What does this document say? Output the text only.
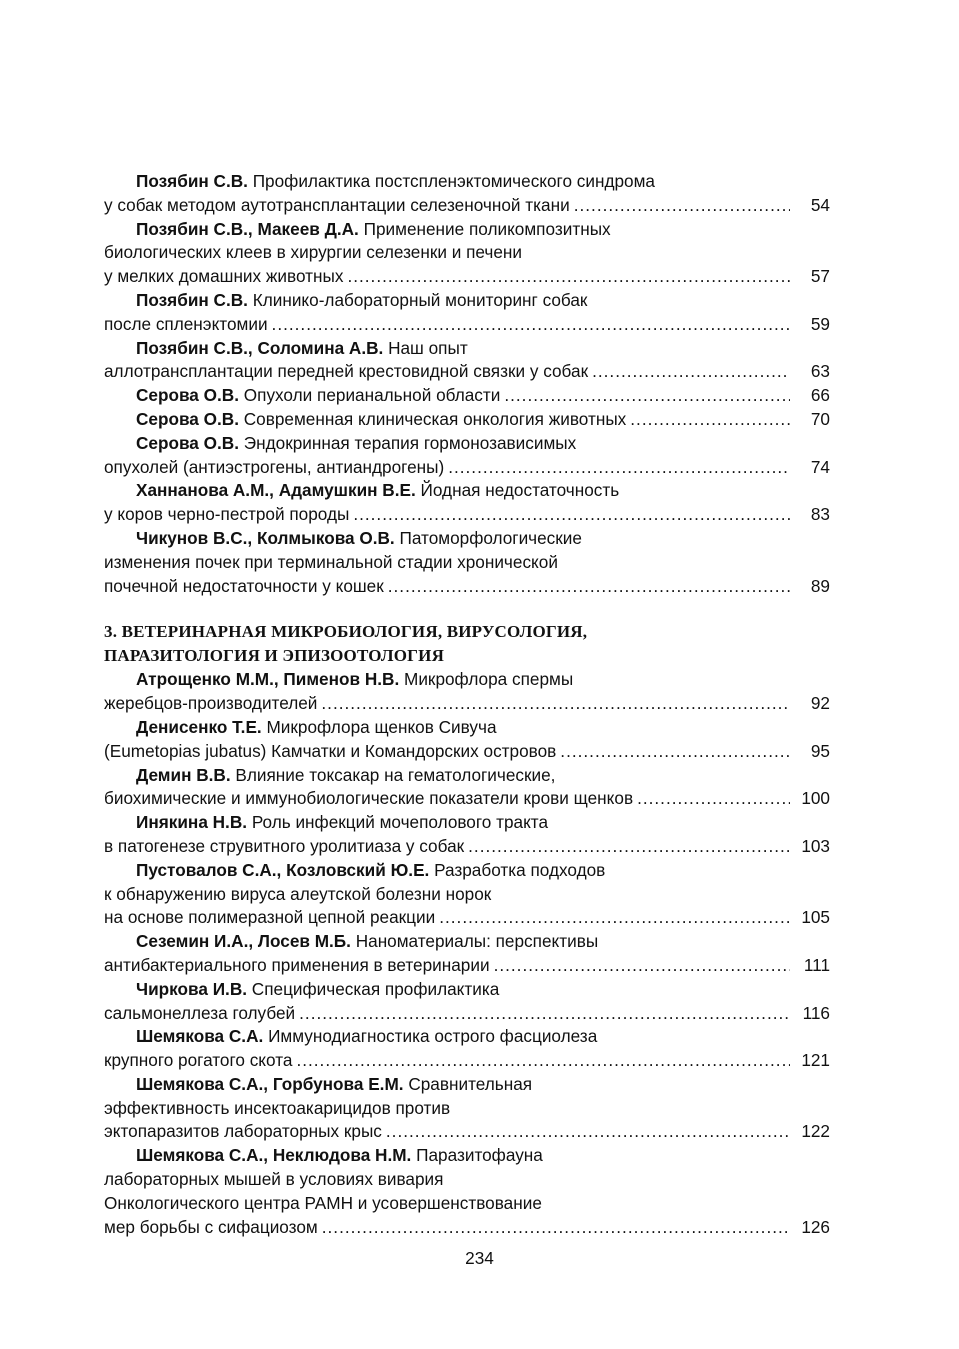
Позябин С.В. Профилактика постспленэктомического синдрома
у собак методом аутотрансплантации селезеночной ткани .....	54
Позябин С.В., Макеев Д.А. Применение поликомпозитных
биологических клеев в хирургии селезенки и печени
у мелких домашних животных .....	57
Позябин С.В. Клинико-лабораторный мониторинг собак
после спленэктомии .....	59
Позябин С.В., Соломина А.В. Наш опыт
аллотрансплантации передней крестовидной связки у собак .....	63
Серова О.В. Опухоли перианальной области .....	66
Серова О.В. Современная клиническая онкология животных .....	70
Серова О.В. Эндокринная терапия гормонозависимых
опухолей (антиэстрогены, антиандрогены) .....	74
Ханнанова А.М., Адамушкин В.Е. Йодная недостаточность
у коров черно-пестрой породы .....	83
Чикунов В.С., Колмыкова О.В. Патоморфологические
изменения почек при терминальной стадии хронической
почечной недостаточности у кошек .....	89
3. ВЕТЕРИНАРНАЯ МИКРОБИОЛОГИЯ, ВИРУСОЛОГИЯ,
ПАРАЗИТОЛОГИЯ И ЭПИЗООТОЛОГИЯ
Атрощенко М.М., Пименов Н.В. Микрофлора спермы
жеребцов-производителей .....	92
Денисенко Т.Е. Микрофлора щенков Сивуча
(Eumetopias jubatus) Камчатки и Командорских островов .....	95
Демин В.В. Влияние токсакар на гематологические,
биохимические и иммунобиологические показатели крови щенков .....	100
Инякина Н.В. Роль инфекций мочеполового тракта
в патогенезе струвитного уролитиаза у собак .....	103
Пустовалов С.А., Козловский Ю.Е. Разработка подходов
к обнаружению вируса алеутской болезни норок
на основе полимеразной цепной реакции .....	105
Сеземин И.А., Лосев М.Б. Наноматериалы: перспективы
антибактериального применения в ветеринарии .....	111
Чиркова И.В. Специфическая профилактика
сальмонеллеза голубей .....	116
Шемякова С.А. Иммунодиагностика острого фасциолеза
крупного рогатого скота .....	121
Шемякова С.А., Горбунова Е.М. Сравнительная
эффективность инсектоакарицидов против
эктопаразитов лабораторных крыс .....	122
Шемякова С.А., Неклюдова Н.М. Паразитофауна
лабораторных мышей в условиях вивария
Онкологического центра РАМН и усовершенствование
мер борьбы с сифациозом .....	126
234
